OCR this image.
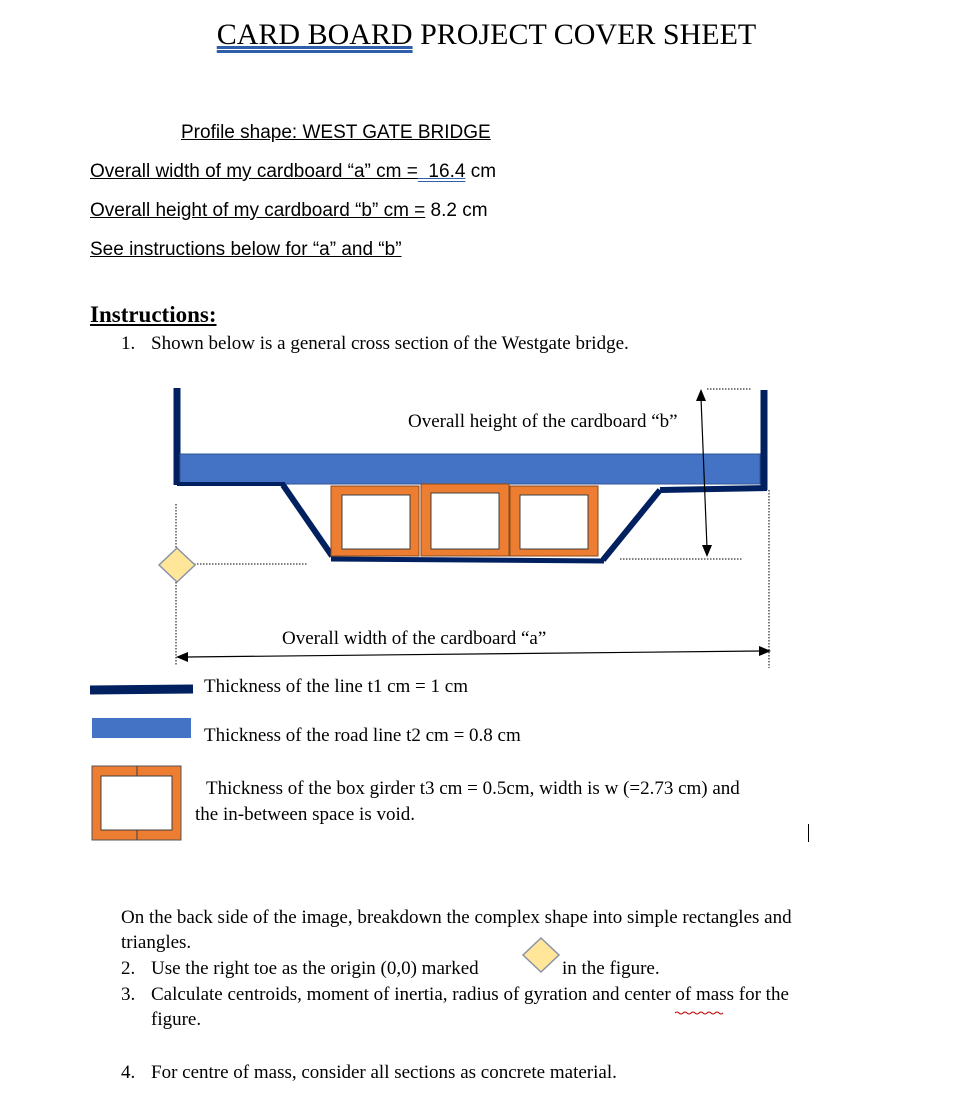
CARD BOARD PROJECT COVER SHEET
Profile shape: WEST GATE BRIDGE
Overall width of my cardboard “a” cm =  16.4 cm
Overall height of my cardboard “b” cm = 8.2 cm
See instructions below for “a” and “b”
Instructions:
1. Shown below is a general cross section of the Westgate bridge.
Overall height of the cardboard “b”
Overall width of the cardboard “a”
Thickness of the line t1 cm = 1 cm
Thickness of the road line t2 cm = 0.8 cm
Thickness of the box girder t3 cm = 0.5cm, width is w (=2.73 cm) and
the in-between space is void.
On the back side of the image, breakdown the complex shape into simple rectangles and
triangles.
2. Use the right toe as the origin (0,0) marked	in the figure.
3. Calculate centroids, moment of inertia, radius of gyration and center of mass for the
figure.
4. For centre of mass, consider all sections as concrete material.
